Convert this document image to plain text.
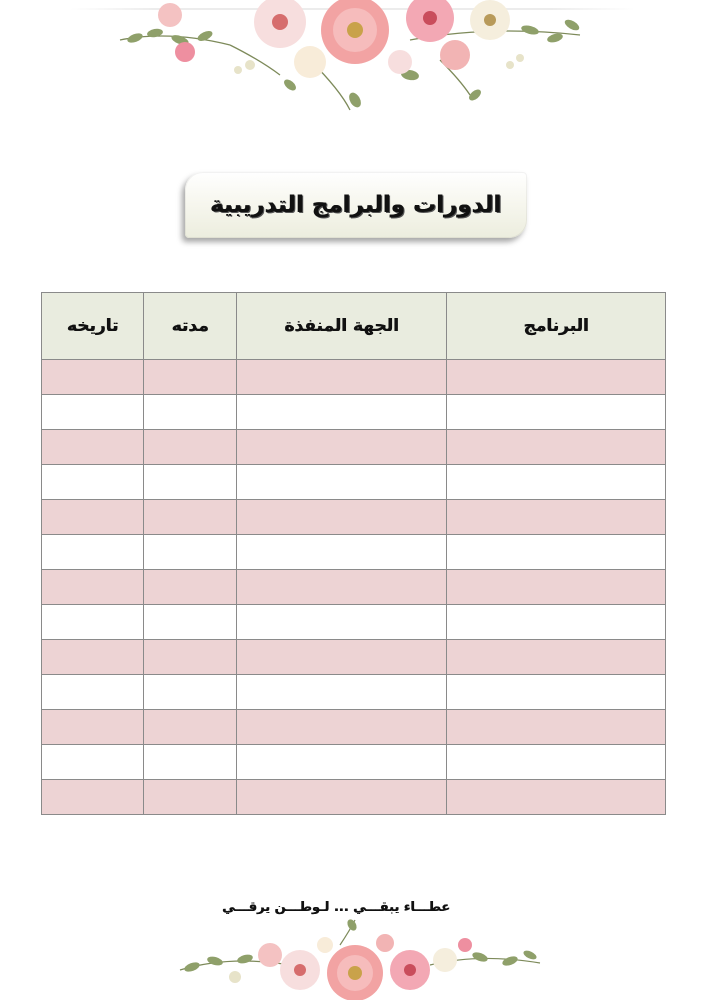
الدورات والبرامج التدريبية
البرنامج	الجهة المنفذة	مدته	تاريخه

عطـــاء يبقـــي ... لـوطـــن يرقـــي
